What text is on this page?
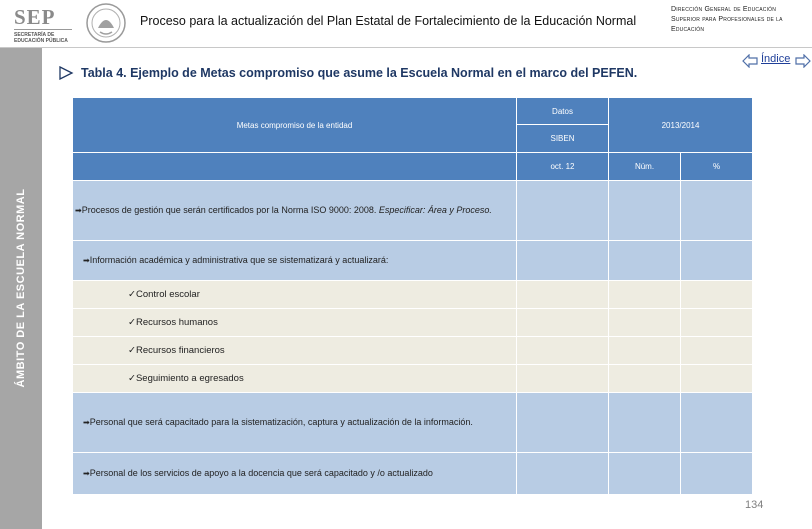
SEP
SECRETARÍA DE EDUCACIÓN PÚBLICA
Proceso para la actualización del Plan Estatal de Fortalecimiento de la Educación Normal
Dirección General de Educación Superior para Profesionales de la Educación
ÁMBITO DE LA ESCUELA NORMAL
Índice
Tabla 4. Ejemplo de Metas compromiso que asume la Escuela Normal en el marco del PEFEN.
Metas compromiso de la entidad	Datos	2013/2014	
	SIBEN		
	oct. 12	Núm.	%

➡Procesos de gestión que serán certificados por la Norma ISO 9000: 2008. Especificar: Área y Proceso.			

➡Información académica y administrativa que se sistematizará y actualizará:			

✓Control escolar			

✓Recursos humanos			

✓Recursos financieros			

✓Seguimiento a egresados			

➡Personal que será capacitado para la sistematización, captura y actualización de la información.			

➡Personal de los servicios de apoyo a la docencia que será capacitado y /o actualizado			

134
